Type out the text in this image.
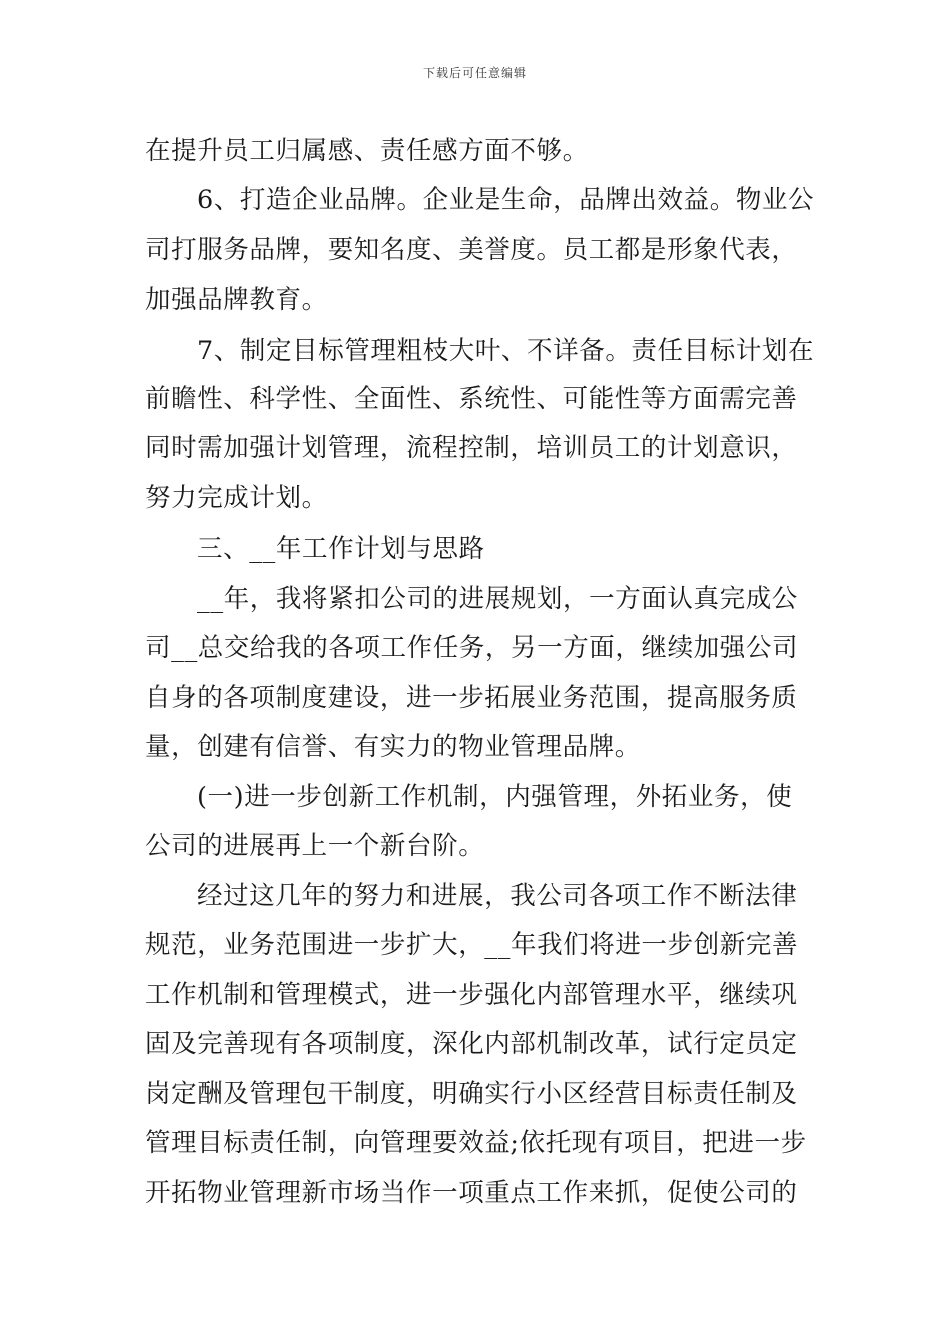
下载后可任意编辑
在提升员工归属感、责任感方面不够。
6、打造企业品牌。企业是生命，品牌出效益。物业公
司打服务品牌，要知名度、美誉度。员工都是形象代表，
加强品牌教育。
7、制定目标管理粗枝大叶、不详备。责任目标计划在
前瞻性、科学性、全面性、系统性、可能性等方面需完善
同时需加强计划管理，流程控制，培训员工的计划意识，
努力完成计划。
三、__年工作计划与思路
__年，我将紧扣公司的进展规划，一方面认真完成公
司__总交给我的各项工作任务，另一方面，继续加强公司
自身的各项制度建设，进一步拓展业务范围，提高服务质
量，创建有信誉、有实力的物业管理品牌。
(一)进一步创新工作机制，内强管理，外拓业务，使
公司的进展再上一个新台阶。
经过这几年的努力和进展，我公司各项工作不断法律
规范，业务范围进一步扩大，__年我们将进一步创新完善
工作机制和管理模式，进一步强化内部管理水平，继续巩
固及完善现有各项制度，深化内部机制改革，试行定员定
岗定酬及管理包干制度，明确实行小区经营目标责任制及
管理目标责任制，向管理要效益;依托现有项目，把进一步
开拓物业管理新市场当作一项重点工作来抓，促使公司的
